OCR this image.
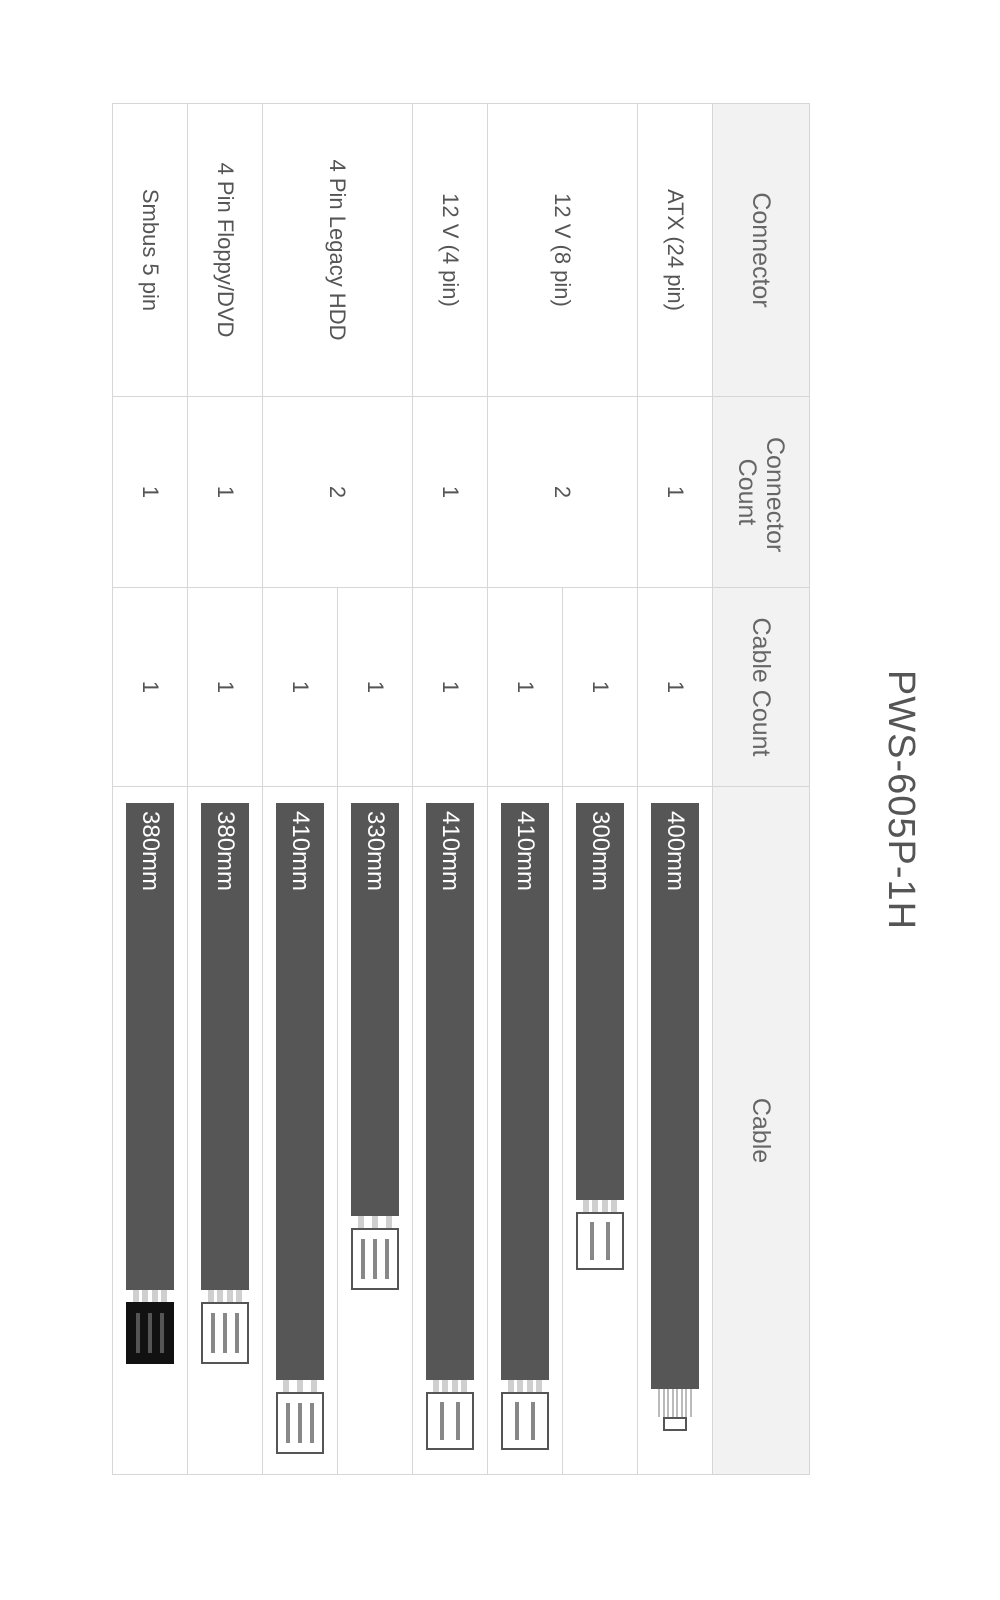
PWS-605P-1H
Connector	Connector Count	Cable Count	Cable
ATX (24 pin)	1	1	400mm

12 V (8 pin)	2	1	300mm

		1	410mm

12 V (4 pin)	1	1	410mm

4 Pin Legacy HDD	2	1	330mm

		1	410mm

4 Pin Floppy/DVD	1	1	380mm

Smbus 5 pin	1	1	380mm
